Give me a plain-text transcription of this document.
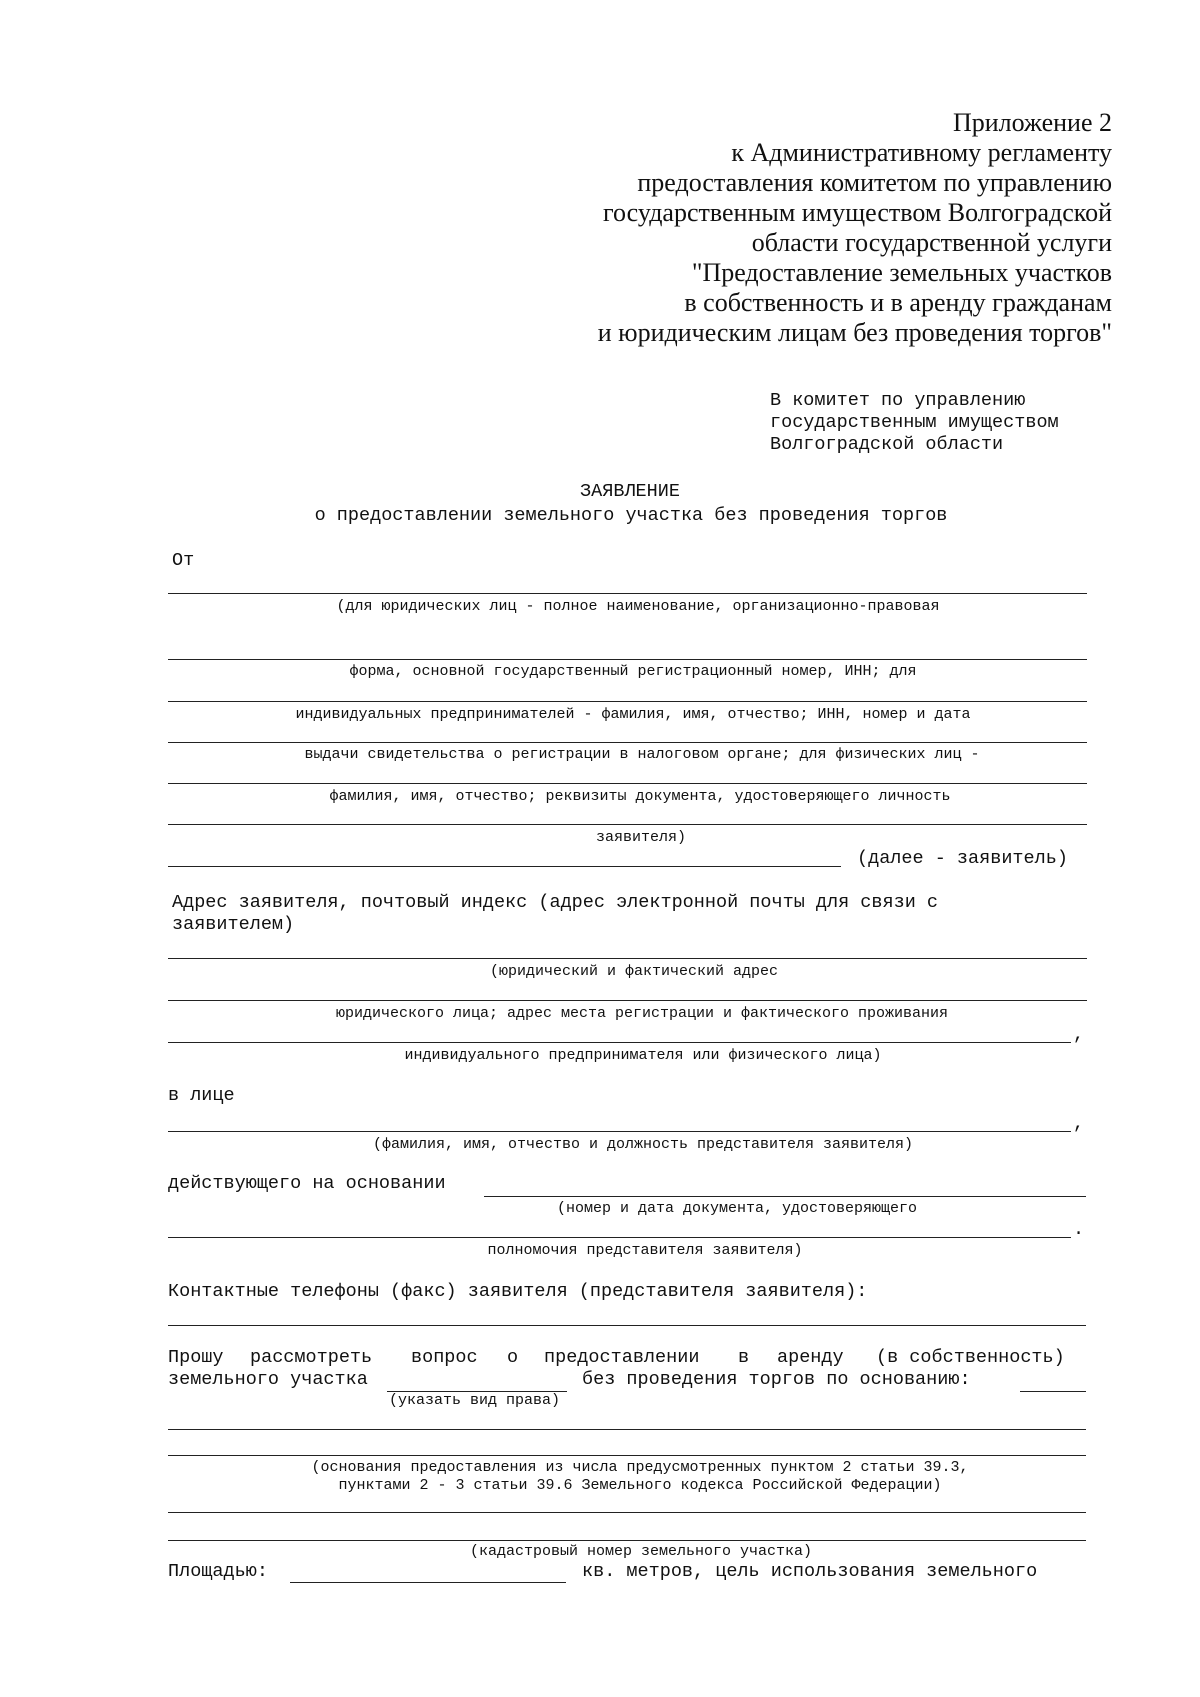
Приложение 2
к Административному регламенту
предоставления комитетом по управлению
государственным имуществом Волгоградской
области государственной услуги
"Предоставление земельных участков
в собственность и в аренду гражданам
и юридическим лицам без проведения торгов"
В комитет по управлению
государственным имуществом
Волгоградской области
ЗАЯВЛЕНИЕ
о предоставлении земельного участка без проведения торгов
От
(для юридических лиц - полное наименование, организационно-правовая
форма, основной государственный регистрационный номер, ИНН; для
индивидуальных предпринимателей - фамилия, имя, отчество; ИНН, номер и дата
выдачи свидетельства о регистрации в налоговом органе; для физических лиц -
фамилия, имя, отчество; реквизиты документа, удостоверяющего личность
заявителя)
(далее - заявитель)
Адрес заявителя, почтовый индекс (адрес электронной почты для связи с
заявителем)
(юридический и фактический адрес
юридического лица; адрес места регистрации и фактического проживания
,
индивидуального предпринимателя или физического лица)
в лице
,
(фамилия, имя, отчество и должность представителя заявителя)
действующего на основании
(номер и дата документа, удостоверяющего
.
полномочия представителя заявителя)
Контактные телефоны (факс) заявителя (представителя заявителя):
Прошу рассмотреть вопрос о предоставлении в аренду (в собственность)
земельного участка	без проведения торгов по основанию:
(указать вид права)
(основания предоставления из числа предусмотренных пунктом 2 статьи 39.3,
пунктами 2 - 3 статьи 39.6 Земельного кодекса Российской Федерации)
(кадастровый номер земельного участка)
Площадью:	кв. метров, цель использования земельного
